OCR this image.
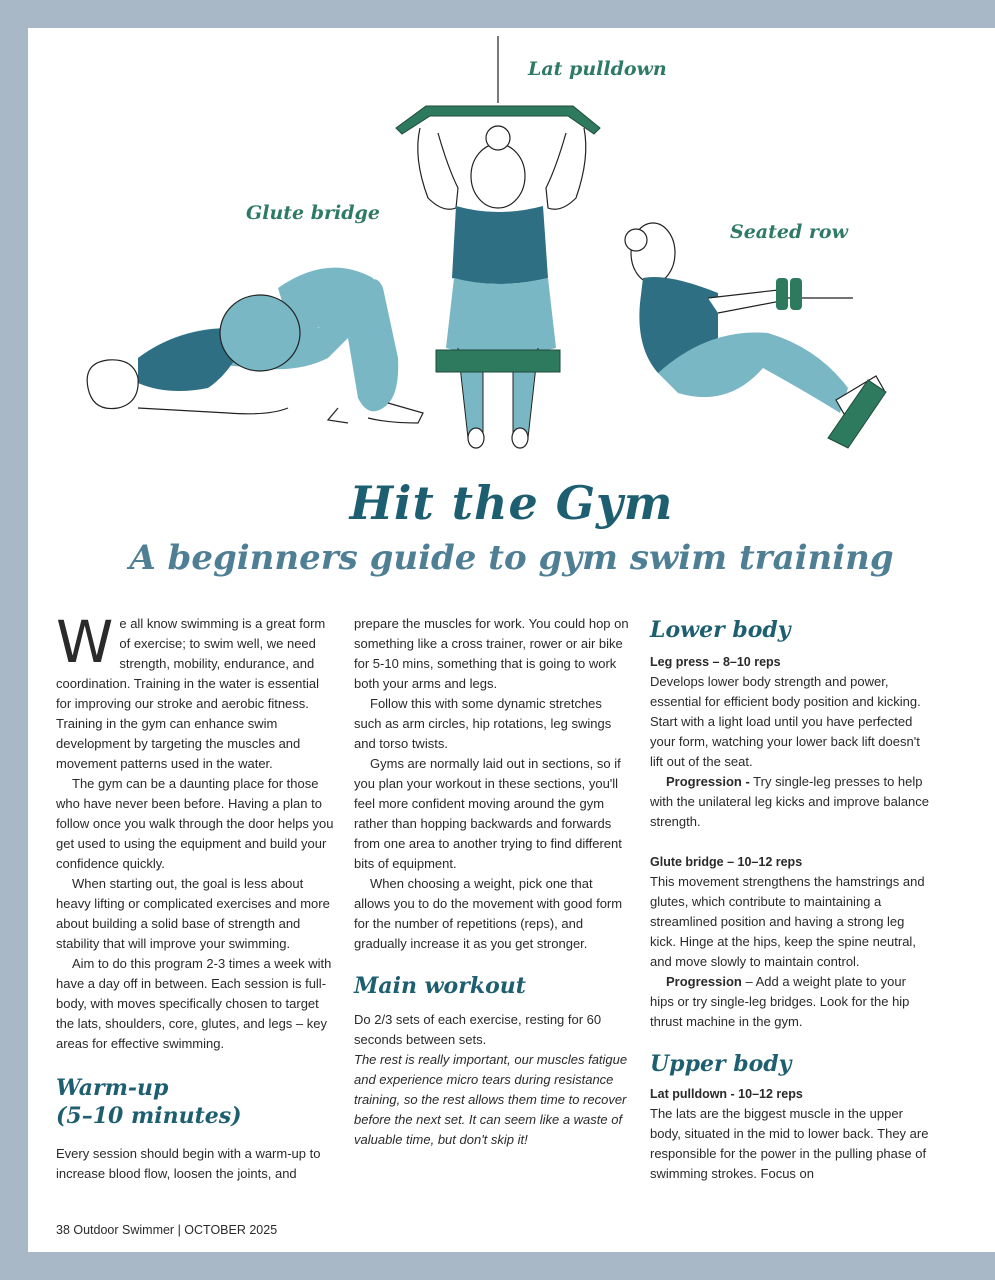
Lat pulldown
Glute bridge
Seated row
Hit the Gym
A beginners guide to gym swim training

We all know swimming is a great form of exercise; to swim well, we need strength, mobility, endurance, and coordination. Training in the water is essential for improving our stroke and aerobic fitness. Training in the gym can enhance swim development by targeting the muscles and movement patterns used in the water.

The gym can be a daunting place for those who have never been before. Having a plan to follow once you walk through the door helps you get used to using the equipment and build your confidence quickly.

When starting out, the goal is less about heavy lifting or complicated exercises and more about building a solid base of strength and stability that will improve your swimming.

Aim to do this program 2-3 times a week with have a day off in between. Each session is full-body, with moves specifically chosen to target the lats, shoulders, core, glutes, and legs – key areas for effective swimming.

Warm-up
(5–10 minutes)

Every session should begin with a warm-up to increase blood flow, loosen the joints, and

prepare the muscles for work. You could hop on something like a cross trainer, rower or air bike for 5-10 mins, something that is going to work both your arms and legs.

Follow this with some dynamic stretches such as arm circles, hip rotations, leg swings and torso twists.

Gyms are normally laid out in sections, so if you plan your workout in these sections, you'll feel more confident moving around the gym rather than hopping backwards and forwards from one area to another trying to find different bits of equipment.

When choosing a weight, pick one that allows you to do the movement with good form for the number of repetitions (reps), and gradually increase it as you get stronger.

Main workout

Do 2/3 sets of each exercise, resting for 60 seconds between sets.

The rest is really important, our muscles fatigue and experience micro tears during resistance training, so the rest allows them time to recover before the next set. It can seem like a waste of valuable time, but don't skip it!

Lower body

Leg press – 8–10 reps

Develops lower body strength and power, essential for efficient body position and kicking. Start with a light load until you have perfected your form, watching your lower back lift doesn't lift out of the seat.

Progression - Try single-leg presses to help with the unilateral leg kicks and improve balance strength.

Glute bridge – 10–12 reps

This movement strengthens the hamstrings and glutes, which contribute to maintaining a streamlined position and having a strong leg kick. Hinge at the hips, keep the spine neutral, and move slowly to maintain control.

Progression – Add a weight plate to your hips or try single-leg bridges. Look for the hip thrust machine in the gym.

Upper body

Lat pulldown - 10–12 reps

The lats are the biggest muscle in the upper body, situated in the mid to lower back. They are responsible for the power in the pulling phase of swimming strokes. Focus on

38 Outdoor Swimmer | OCTOBER 2025
